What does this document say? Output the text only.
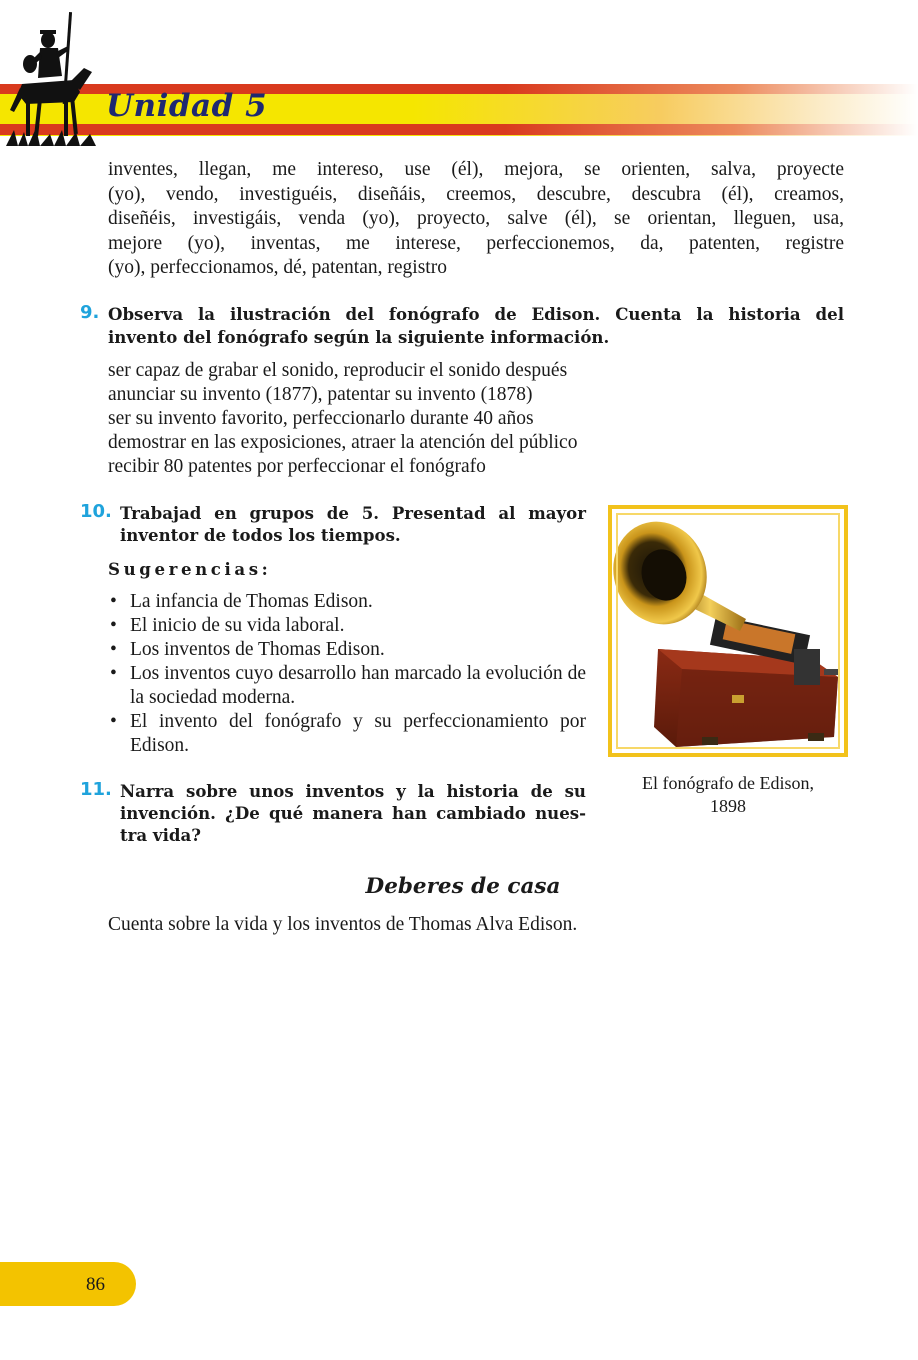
Unidad 5

inventes, llegan, me intereso, use (él), mejora, se orienten, salva, proyecte

(yo), vendo, investiguéis, diseñáis, creemos, descubre, descubra (él), creamos,

diseñéis, investigáis, venda (yo), proyecto, salve (él), se orientan, lleguen, usa,

mejore (yo), inventas, me interese, perfeccionemos, da, patenten, registre

(yo), perfeccionamos, dé, patentan, registro

9. Observa la ilustración del fonógrafo de Edison. Cuenta la historia del

invento del fonógrafo según la siguiente información.

ser capaz de grabar el sonido, reproducir el sonido después

anunciar su invento (1877), patentar su invento (1878)

ser su invento favorito, perfeccionarlo durante 40 años

demostrar en las exposiciones, atraer la atención del público

recibir 80 patentes por perfeccionar el fonógrafo

10. Trabajad en grupos de 5. Presentad al mayor

inventor de todos los tiempos.

Sugerencias:
• La infancia de Thomas Edison.
• El inicio de su vida laboral.
• Los inventos de Thomas Edison.
• Los inventos cuyo desarrollo han marcado la evolución de la sociedad moderna.
• El invento del fonógrafo y su perfeccionamiento por Edison.
11. Narra sobre unos inventos y la historia de su

invención. ¿De qué manera han cambiado nues-

tra vida?

El fonógrafo de Edison,
1898
Deberes de casa

Cuenta sobre la vida y los inventos de Thomas Alva Edison.

86
